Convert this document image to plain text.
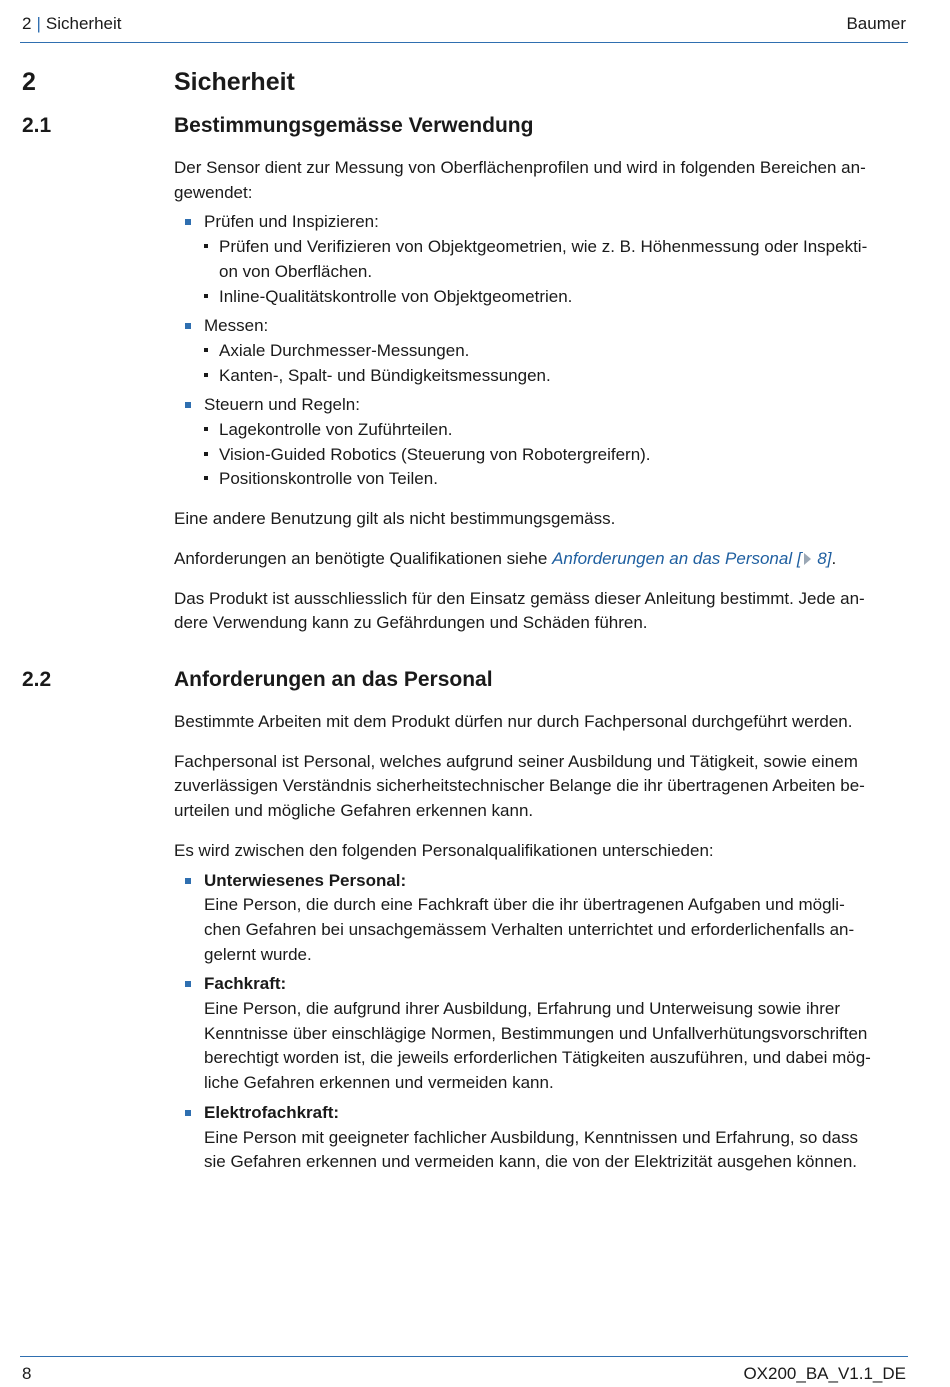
2 | Sicherheit	Baumer
2	Sicherheit
2.1	Bestimmungsgemässe Verwendung

Der Sensor dient zur Messung von Oberflächenprofilen und wird in folgenden Bereichen an-
gewendet:

Prüfen und Inspizieren:
Prüfen und Verifizieren von Objektgeometrien, wie z. B. Höhenmessung oder Inspekti-
on von Oberflächen.
Inline-Qualitätskontrolle von Objektgeometrien.
Messen:
Axiale Durchmesser-Messungen.
Kanten-, Spalt- und Bündigkeitsmessungen.
Steuern und Regeln:
Lagekontrolle von Zuführteilen.
Vision-Guided Robotics (Steuerung von Robotergreifern).
Positionskontrolle von Teilen.

Eine andere Benutzung gilt als nicht bestimmungsgemäss.

Anforderungen an benötigte Qualifikationen siehe Anforderungen an das Personal [ 8].

Das Produkt ist ausschliesslich für den Einsatz gemäss dieser Anleitung bestimmt. Jede an-
dere Verwendung kann zu Gefährdungen und Schäden führen.

2.2	Anforderungen an das Personal

Bestimmte Arbeiten mit dem Produkt dürfen nur durch Fachpersonal durchgeführt werden.

Fachpersonal ist Personal, welches aufgrund seiner Ausbildung und Tätigkeit, sowie einem
zuverlässigen Verständnis sicherheitstechnischer Belange die ihr übertragenen Arbeiten be-
urteilen und mögliche Gefahren erkennen kann.

Es wird zwischen den folgenden Personalqualifikationen unterschieden:

Unterwiesenes Personal:
Eine Person, die durch eine Fachkraft über die ihr übertragenen Aufgaben und mögli-
chen Gefahren bei unsachgemässem Verhalten unterrichtet und erforderlichenfalls an-
gelernt wurde.
Fachkraft:
Eine Person, die aufgrund ihrer Ausbildung, Erfahrung und Unterweisung sowie ihrer
Kenntnisse über einschlägige Normen, Bestimmungen und Unfallverhütungsvorschriften
berechtigt worden ist, die jeweils erforderlichen Tätigkeiten auszuführen, und dabei mög-
liche Gefahren erkennen und vermeiden kann.
Elektrofachkraft:
Eine Person mit geeigneter fachlicher Ausbildung, Kenntnissen und Erfahrung, so dass
sie Gefahren erkennen und vermeiden kann, die von der Elektrizität ausgehen können.
8	OX200_BA_V1.1_DE
